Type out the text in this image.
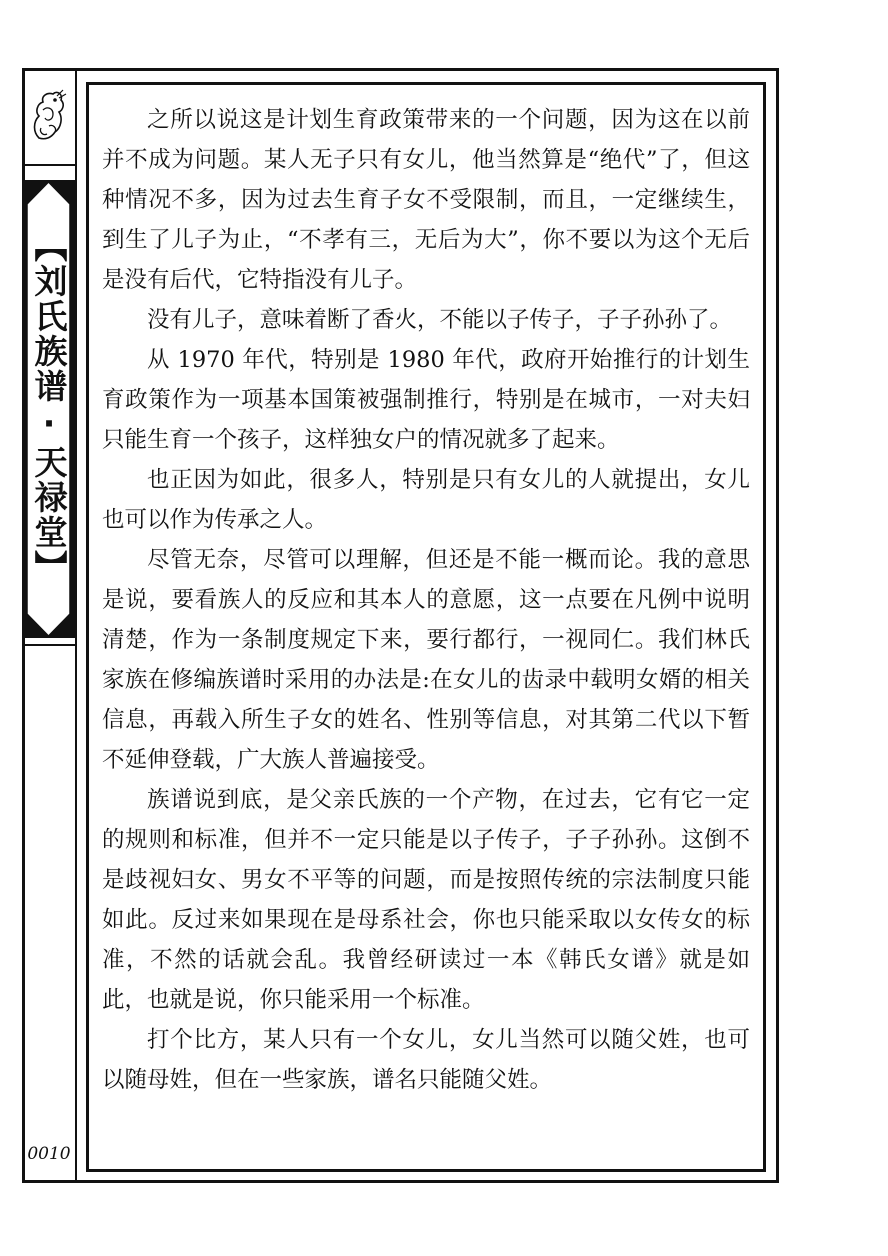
【刘氏族谱·天禄堂】
0010

之所以说这是计划生育政策带来的一个问题，因为这在以前并不成为问题。某人无子只有女儿，他当然算是“绝代”了，但这种情况不多，因为过去生育子女不受限制，而且，一定继续生，到生了儿子为止，“不孝有三，无后为大”，你不要以为这个无后是没有后代，它特指没有儿子。

没有儿子，意味着断了香火，不能以子传子，子子孙孙了。

从 1970 年代，特别是 1980 年代，政府开始推行的计划生育政策作为一项基本国策被强制推行，特别是在城市，一对夫妇只能生育一个孩子，这样独女户的情况就多了起来。

也正因为如此，很多人，特别是只有女儿的人就提出，女儿也可以作为传承之人。

尽管无奈，尽管可以理解，但还是不能一概而论。我的意思是说，要看族人的反应和其本人的意愿，这一点要在凡例中说明清楚，作为一条制度规定下来，要行都行，一视同仁。我们林氏家族在修编族谱时采用的办法是:在女儿的齿录中载明女婿的相关信息，再载入所生子女的姓名、性别等信息，对其第二代以下暂不延伸登载，广大族人普遍接受。

族谱说到底，是父亲氏族的一个产物，在过去，它有它一定的规则和标准，但并不一定只能是以子传子，子子孙孙。这倒不是歧视妇女、男女不平等的问题，而是按照传统的宗法制度只能如此。反过来如果现在是母系社会，你也只能采取以女传女的标准，不然的话就会乱。我曾经研读过一本《韩氏女谱》就是如此，也就是说，你只能采用一个标准。

打个比方，某人只有一个女儿，女儿当然可以随父姓，也可以随母姓，但在一些家族，谱名只能随父姓。
